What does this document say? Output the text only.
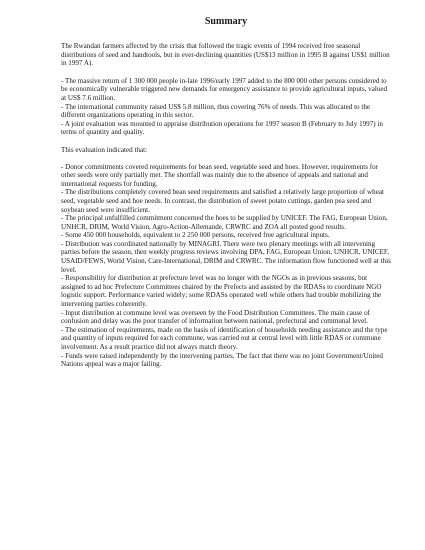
Summary

The Rwandan farmers affected by the crisis that followed the tragic events of 1994 received free seasonal distributions of seed and handtools, but in ever-declining quantities (US$13 million in 1995 B against US$1 million in 1997 A).

- The massive return of 1 300 000 people in-late 1996/early 1997 added to the 800 000 other persons considered to be economically vulnerable triggered new demands for emergency assistance to provide agricultural inputs, valued at US$ 7.6 million.

- The international community raised US$ 5.8 million, thus covering 76% of needs. This was allocated to the different organizations operating in this sector.

- A joint evaluation was mounted to appraise distribution operations for 1997 season B (February to July 1997) in terms of quantity and quality.

This evaluation indicated that:

- Donor commitments covered requirements for bean seed, vegetable seed and hoes. However, requirements for other seeds were only partially met. The shortfall was mainly due to the absence of appeals and national and international requests for funding.

- The distributions completely covered bean seed requirements and satisfied a relatively large proportion of wheat seed, vegetable seed and hoe needs. In contrast, the distribution of sweet potato cuttings, garden pea seed and soybean seed were insufficient.

- The principal unfulfilled commitment concerned the hoes to be supplied by UNICEF. The FAG, European Union, UNHCR, DRIM, World Vision, Agro-Action-Allemande, CRWRC and ZOA all posted good results.

- Some 450 000 households, equivalent to 2 250 000 persons, received free agricultural inputs.

- Distribution was coordinated nationally by MINAGRI. There were two plenary meetings with all intervening parties before the season, then weekly progress reviews involving DPA, FAG, European Union, UNHCR, UNICEF, USAID/FEWS, World Vision, Care-International, DRIM and CRWRC. The information flow functioned well at this level.

- Responsibility for distribution at prefecture level was no longer with the NGOs as in previous seasons, but assigned to ad hoc Prefecture Committees chaired by the Prefects and assisted by the RDASs to coordinate NGO logistic support. Performance varied widely; some RDASs operated well while others had trouble mobilizing the intervening parties coherently.

- Input distribution at commune level was overseen by the Food Distribution Committees. The main cause of confusion and delay was the poor transfer of information between national, prefectural and communal level.

- The estimation of requirements, made on the basis of identification of households needing assistance and the type and quantity of inputs required for each commune, was carried out at central level with little RDAS or commune involvement. As a result practice did not always match theory.

- Funds were raised independently by the intervening parties. The fact that there was no joint Government/United Nations appeal was a major failing.
